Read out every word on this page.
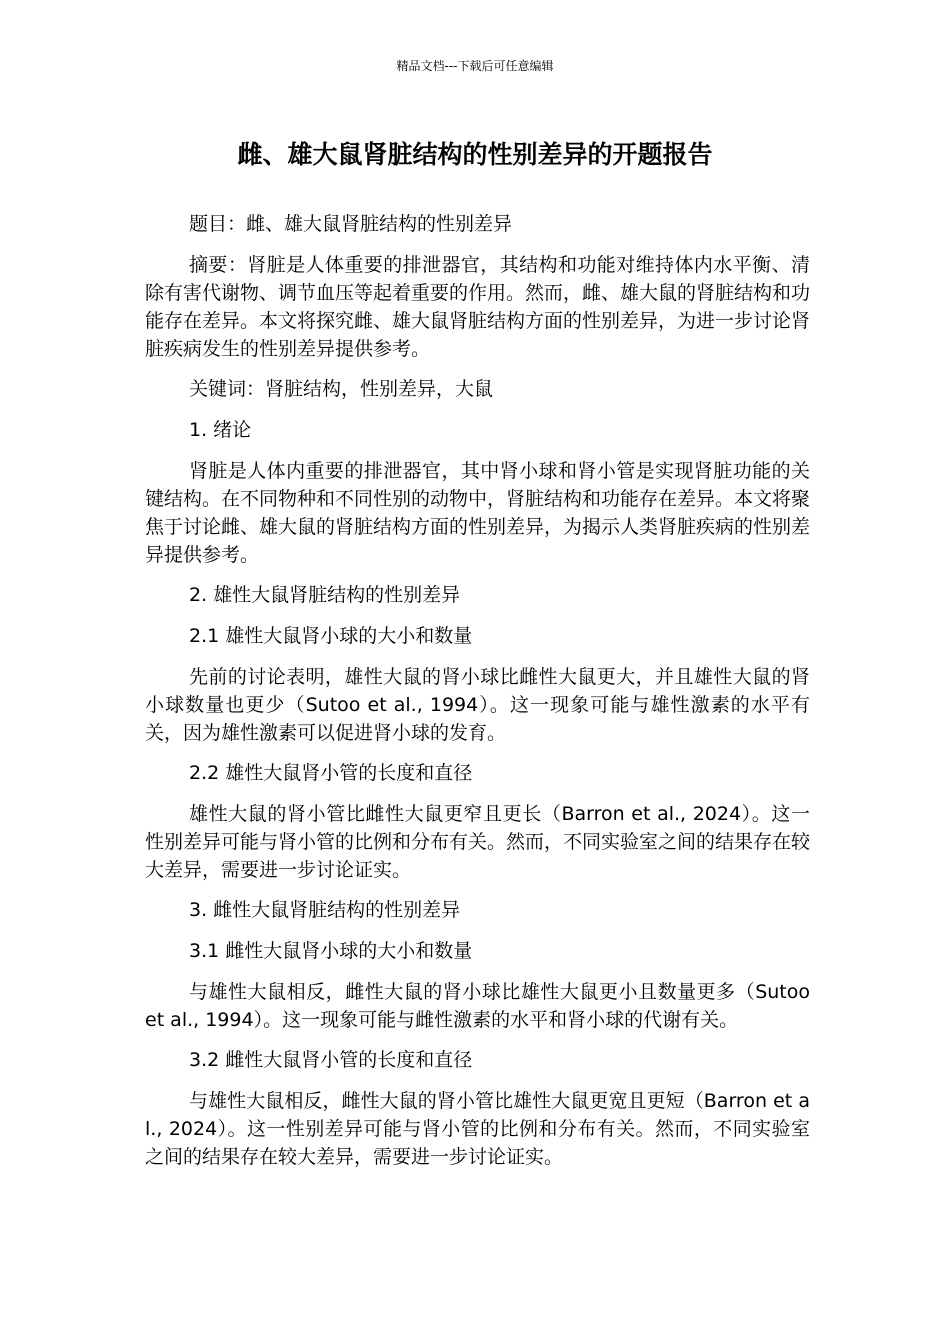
精品文档---下载后可任意编辑
雌、雄大鼠肾脏结构的性别差异的开题报告

题目：雌、雄大鼠肾脏结构的性别差异

摘要：肾脏是人体重要的排泄器官，其结构和功能对维持体内水平衡、清除有害代谢物、调节血压等起着重要的作用。然而，雌、雄大鼠的肾脏结构和功能存在差异。本文将探究雌、雄大鼠肾脏结构方面的性别差异，为进一步讨论肾脏疾病发生的性别差异提供参考。

关键词：肾脏结构，性别差异，大鼠

1. 绪论

肾脏是人体内重要的排泄器官，其中肾小球和肾小管是实现肾脏功能的关键结构。在不同物种和不同性别的动物中，肾脏结构和功能存在差异。本文将聚焦于讨论雌、雄大鼠的肾脏结构方面的性别差异，为揭示人类肾脏疾病的性别差异提供参考。

2. 雄性大鼠肾脏结构的性别差异

2.1 雄性大鼠肾小球的大小和数量

先前的讨论表明，雄性大鼠的肾小球比雌性大鼠更大，并且雄性大鼠的肾小球数量也更少（Sutoo et al., 1994）。这一现象可能与雄性激素的水平有关，因为雄性激素可以促进肾小球的发育。

2.2 雄性大鼠肾小管的长度和直径

雄性大鼠的肾小管比雌性大鼠更窄且更长（Barron et al., 2024）。这一性别差异可能与肾小管的比例和分布有关。然而，不同实验室之间的结果存在较大差异，需要进一步讨论证实。

3. 雌性大鼠肾脏结构的性别差异

3.1 雌性大鼠肾小球的大小和数量

与雄性大鼠相反，雌性大鼠的肾小球比雄性大鼠更小且数量更多（Sutoo et al., 1994）。这一现象可能与雌性激素的水平和肾小球的代谢有关。

3.2 雌性大鼠肾小管的长度和直径

与雄性大鼠相反，雌性大鼠的肾小管比雄性大鼠更宽且更短（Barron et al., 2024）。这一性别差异可能与肾小管的比例和分布有关。然而，不同实验室之间的结果存在较大差异，需要进一步讨论证实。
